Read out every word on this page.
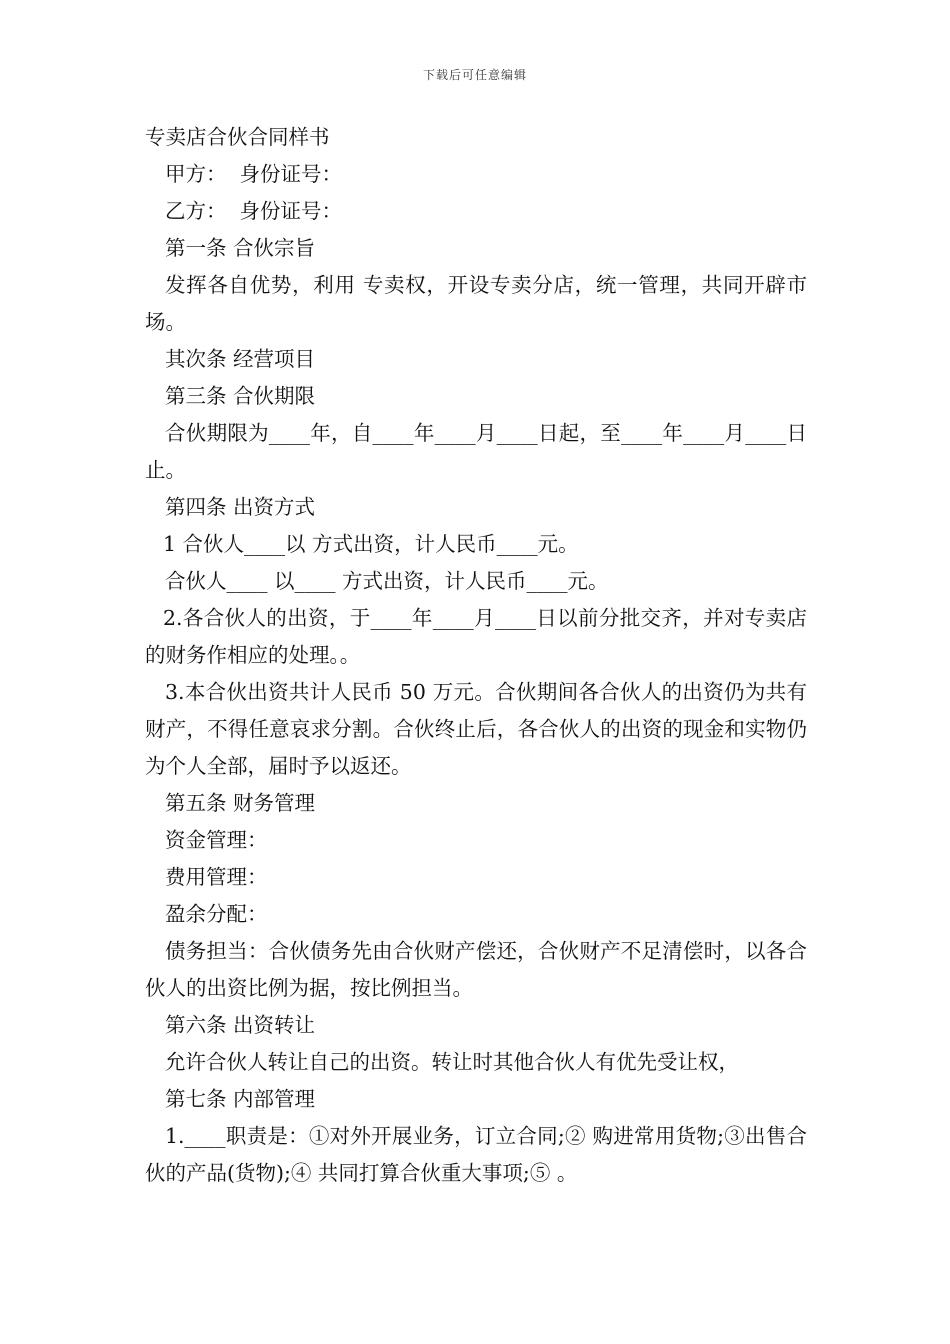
下载后可任意编辑

专卖店合伙合同样书

甲方：  身份证号：

乙方：  身份证号：

第一条 合伙宗旨

发挥各自优势，利用 专卖权，开设专卖分店，统一管理，共同开辟市场。

其次条 经营项目

第三条 合伙期限

合伙期限为____年，自____年____月____日起，至____年____月____日止。

第四条 出资方式

1 合伙人____以 方式出资，计人民币____元。

合伙人____ 以____ 方式出资，计人民币____元。

2.各合伙人的出资，于____年____月____日以前分批交齐，并对专卖店的财务作相应的处理。。

3.本合伙出资共计人民币 50 万元。合伙期间各合伙人的出资仍为共有财产，不得任意哀求分割。合伙终止后，各合伙人的出资的现金和实物仍为个人全部，届时予以返还。

第五条 财务管理

资金管理：

费用管理：

盈余分配：

债务担当：合伙债务先由合伙财产偿还，合伙财产不足清偿时，以各合伙人的出资比例为据，按比例担当。

第六条 出资转让

允许合伙人转让自己的出资。转让时其他合伙人有优先受让权，

第七条 内部管理

1.____职责是：①对外开展业务，订立合同;② 购进常用货物;③出售合伙的产品(货物);④ 共同打算合伙重大事项;⑤ 。
